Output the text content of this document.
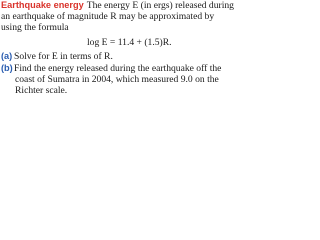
Earthquake energy The energy E (in ergs) released during
an earthquake of magnitude R may be approximated by
using the formula
log E = 11.4 + (1.5)R.
(a) Solve for E in terms of R.
(b)Find the energy released during the earthquake off the
coast of Sumatra in 2004, which measured 9.0 on the
Richter scale.
